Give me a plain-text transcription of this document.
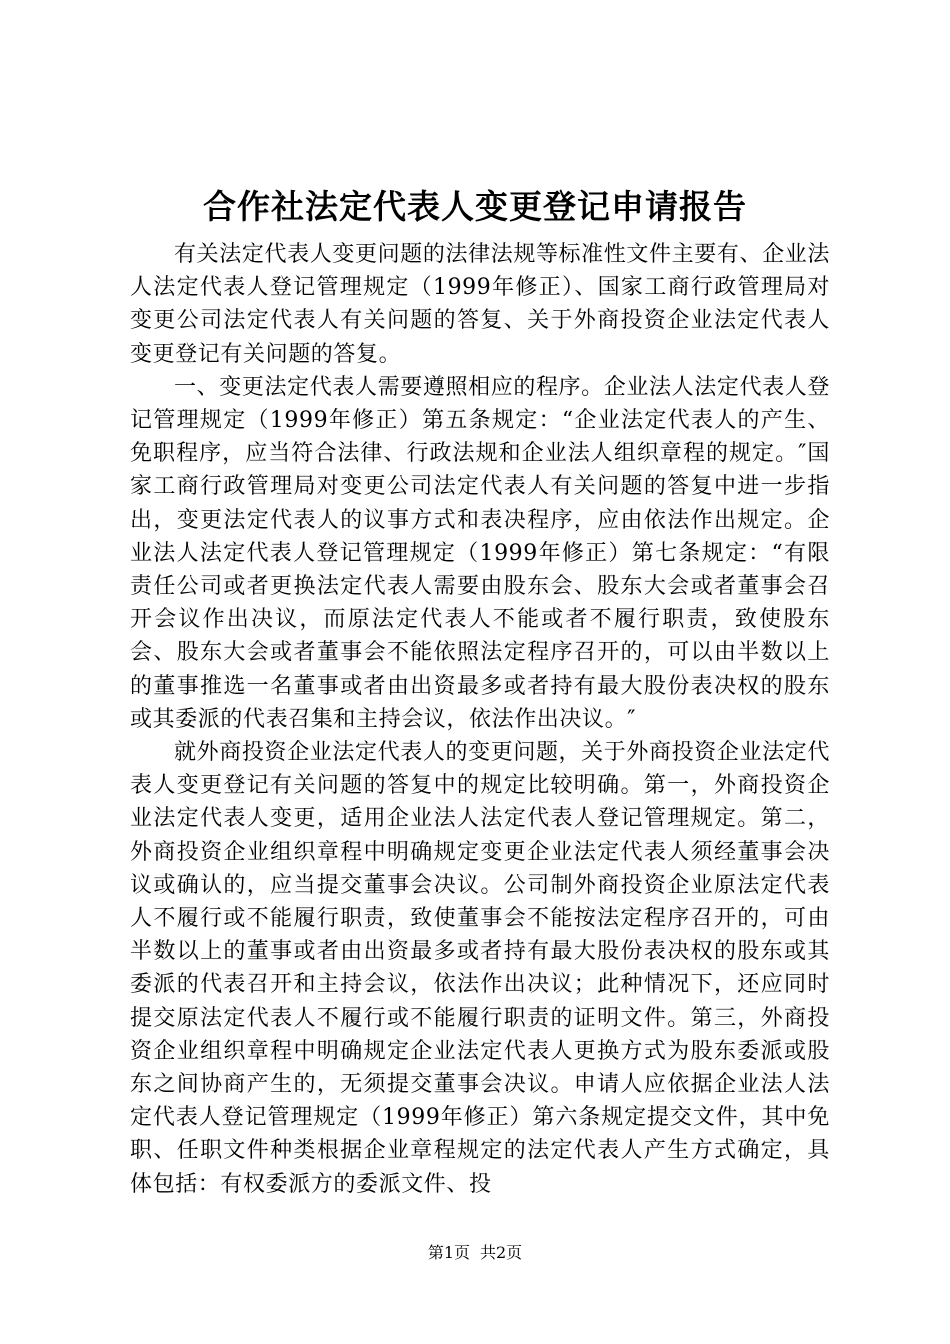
合作社法定代表人变更登记申请报告

有关法定代表人变更问题的法律法规等标准性文件主要有、企业法人法定代表人登记管理规定（1999年修正）、国家工商行政管理局对变更公司法定代表人有关问题的答复、关于外商投资企业法定代表人变更登记有关问题的答复。

一、变更法定代表人需要遵照相应的程序。企业法人法定代表人登记管理规定（1999年修正）第五条规定：“企业法定代表人的产生、免职程序，应当符合法律、行政法规和企业法人组织章程的规定。″国家工商行政管理局对变更公司法定代表人有关问题的答复中进一步指出，变更法定代表人的议事方式和表决程序，应由依法作出规定。企业法人法定代表人登记管理规定（1999年修正）第七条规定：“有限责任公司或者更换法定代表人需要由股东会、股东大会或者董事会召开会议作出决议，而原法定代表人不能或者不履行职责，致使股东会、股东大会或者董事会不能依照法定程序召开的，可以由半数以上的董事推选一名董事或者由出资最多或者持有最大股份表决权的股东或其委派的代表召集和主持会议，依法作出决议。″

就外商投资企业法定代表人的变更问题，关于外商投资企业法定代表人变更登记有关问题的答复中的规定比较明确。第一，外商投资企业法定代表人变更，适用企业法人法定代表人登记管理规定。第二，外商投资企业组织章程中明确规定变更企业法定代表人须经董事会决议或确认的，应当提交董事会决议。公司制外商投资企业原法定代表人不履行或不能履行职责，致使董事会不能按法定程序召开的，可由半数以上的董事或者由出资最多或者持有最大股份表决权的股东或其委派的代表召开和主持会议，依法作出决议；此种情况下，还应同时提交原法定代表人不履行或不能履行职责的证明文件。第三，外商投资企业组织章程中明确规定企业法定代表人更换方式为股东委派或股东之间协商产生的，无须提交董事会决议。申请人应依据企业法人法定代表人登记管理规定（1999年修正）第六条规定提交文件，其中免职、任职文件种类根据企业章程规定的法定代表人产生方式确定，具体包括：有权委派方的委派文件、投

第1页 共2页
